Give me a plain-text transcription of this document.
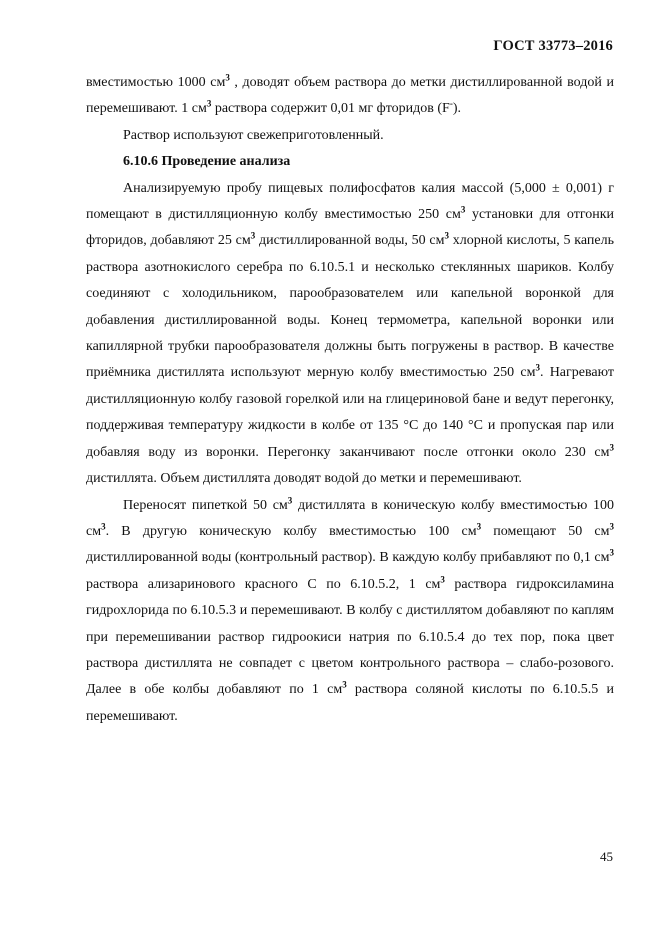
ГОСТ 33773–2016

вместимостью 1000 $см^3$ , доводят объем раствора до метки дистиллированной водой и перемешивают. 1 $см^3$ раствора содержит 0,01 мг фторидов (F-).

Раствор используют свежеприготовленный.

6.10.6 Проведение анализа

Анализируемую пробу пищевых полифосфатов калия массой (5,000 ± 0,001) г помещают в дистилляционную колбу вместимостью 250 $см^3$ установки для отгонки фторидов, добавляют 25 $см^3$ дистиллированной воды, 50 $см^3$ хлорной кислоты, 5 капель раствора азотнокислого серебра по 6.10.5.1 и несколько стеклянных шариков. Колбу соединяют с холодильником, парообразователем или капельной воронкой для добавления дистиллированной воды. Конец термометра, капельной воронки или капиллярной трубки парообразователя должны быть погружены в раствор. В качестве приёмника дистиллята используют мерную колбу вместимостью 250 $см^3$. Нагревают дистилляционную колбу газовой горелкой или на глицериновой бане и ведут перегонку, поддерживая температуру жидкости в колбе от 135 °С до 140 °С и пропуская пар или добавляя воду из воронки. Перегонку заканчивают после отгонки около 230 $см^3$ дистиллята. Объем дистиллята доводят водой до метки и перемешивают.

Переносят пипеткой 50 $см^3$ дистиллята в коническую колбу вместимостью 100 $см^3$. В другую коническую колбу вместимостью 100 $см^3$ помещают 50 $см^3$ дистиллированной воды (контрольный раствор). В каждую колбу прибавляют по 0,1 $см^3$ раствора ализаринового красного С по 6.10.5.2, 1 $см^3$ раствора гидроксиламина гидрохлорида по 6.10.5.3 и перемешивают. В колбу с дистиллятом добавляют по каплям при перемешивании раствор гидроокиси натрия по 6.10.5.4 до тех пор, пока цвет раствора дистиллята не совпадет с цветом контрольного раствора – слабо-розового. Далее в обе колбы добавляют по 1 $см^3$ раствора соляной кислоты по 6.10.5.5 и перемешивают.

45
